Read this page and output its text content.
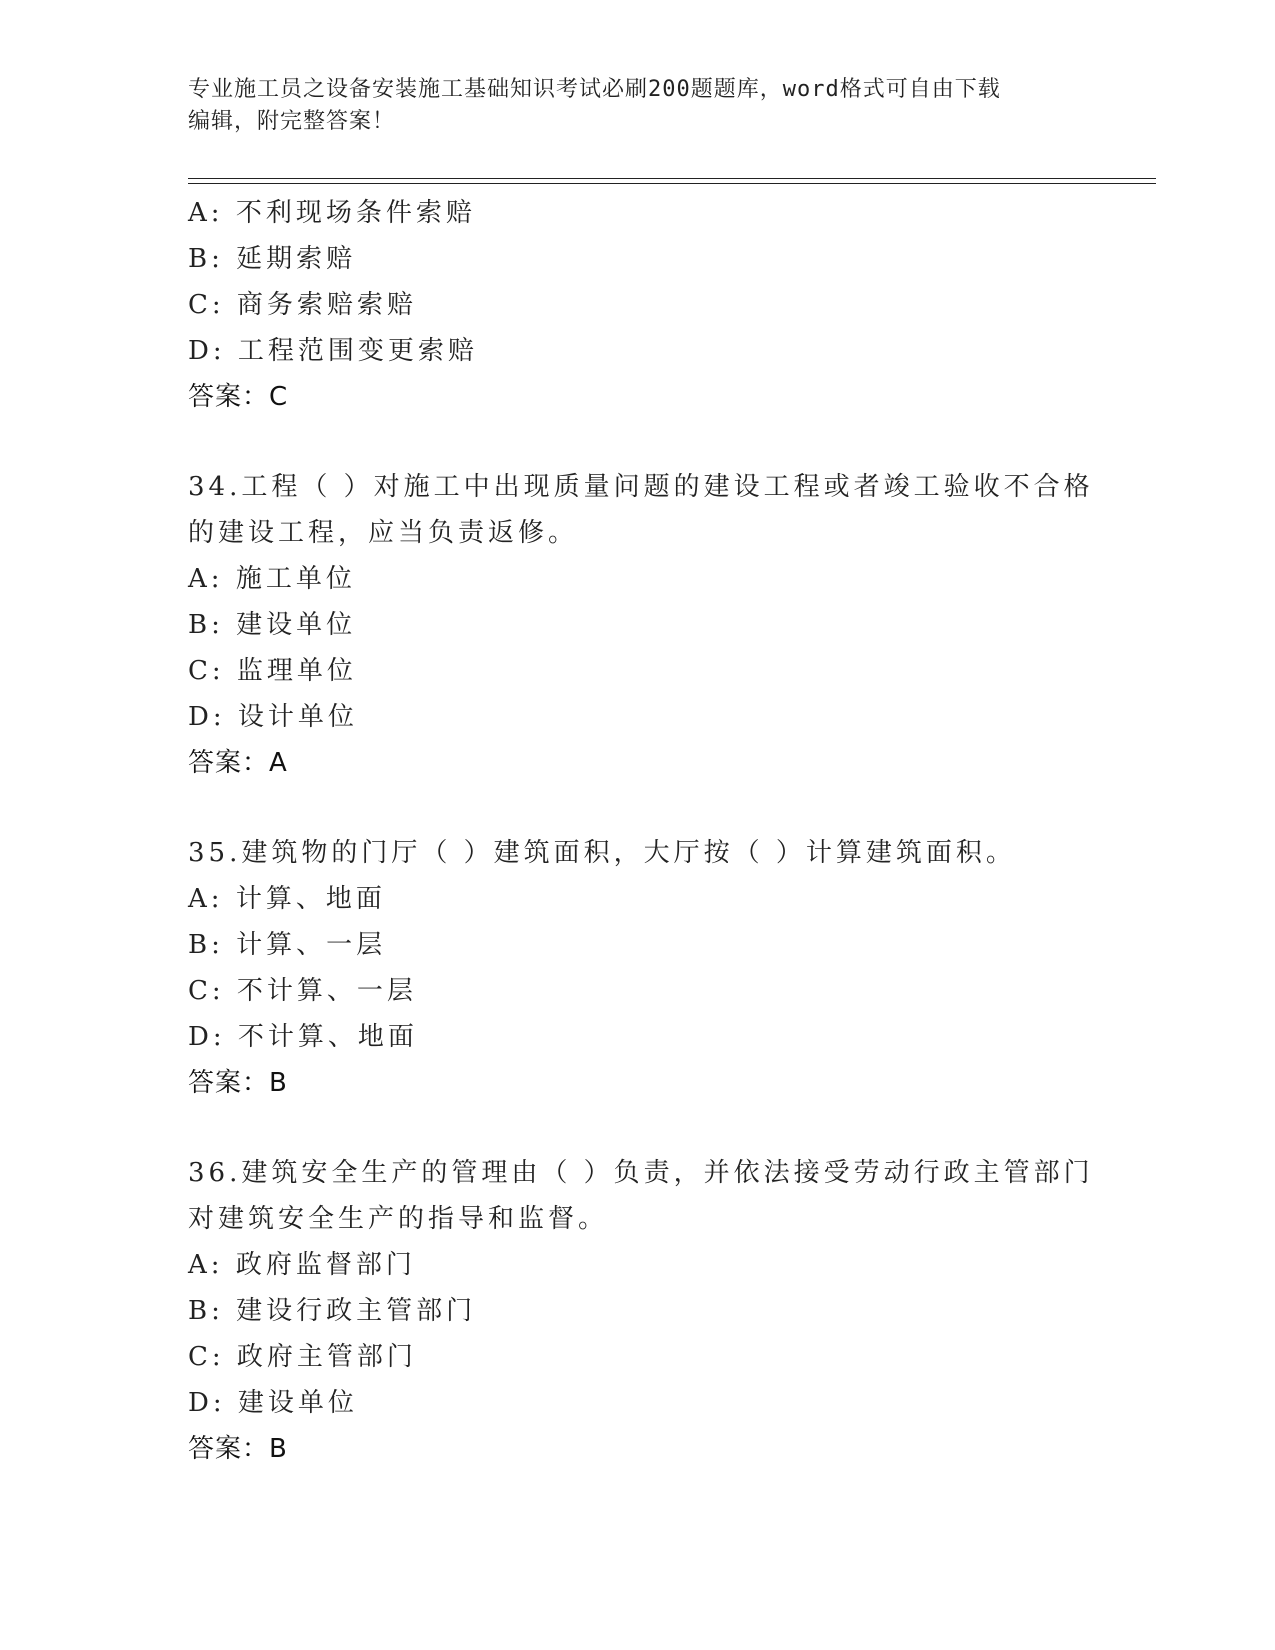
专业施工员之设备安装施工基础知识考试必刷200题题库，word格式可自由下载
编辑，附完整答案！
A: 不利现场条件索赔
B: 延期索赔
C: 商务索赔索赔
D: 工程范围变更索赔
答案：C
34.工程（ ）对施工中出现质量问题的建设工程或者竣工验收不合格
的建设工程，应当负责返修。
A: 施工单位
B: 建设单位
C: 监理单位
D: 设计单位
答案：A
35.建筑物的门厅（ ）建筑面积，大厅按（ ）计算建筑面积。
A: 计算、地面
B: 计算、一层
C: 不计算、一层
D: 不计算、地面
答案：B
36.建筑安全生产的管理由（ ）负责，并依法接受劳动行政主管部门
对建筑安全生产的指导和监督。
A: 政府监督部门
B: 建设行政主管部门
C: 政府主管部门
D: 建设单位
答案：B
